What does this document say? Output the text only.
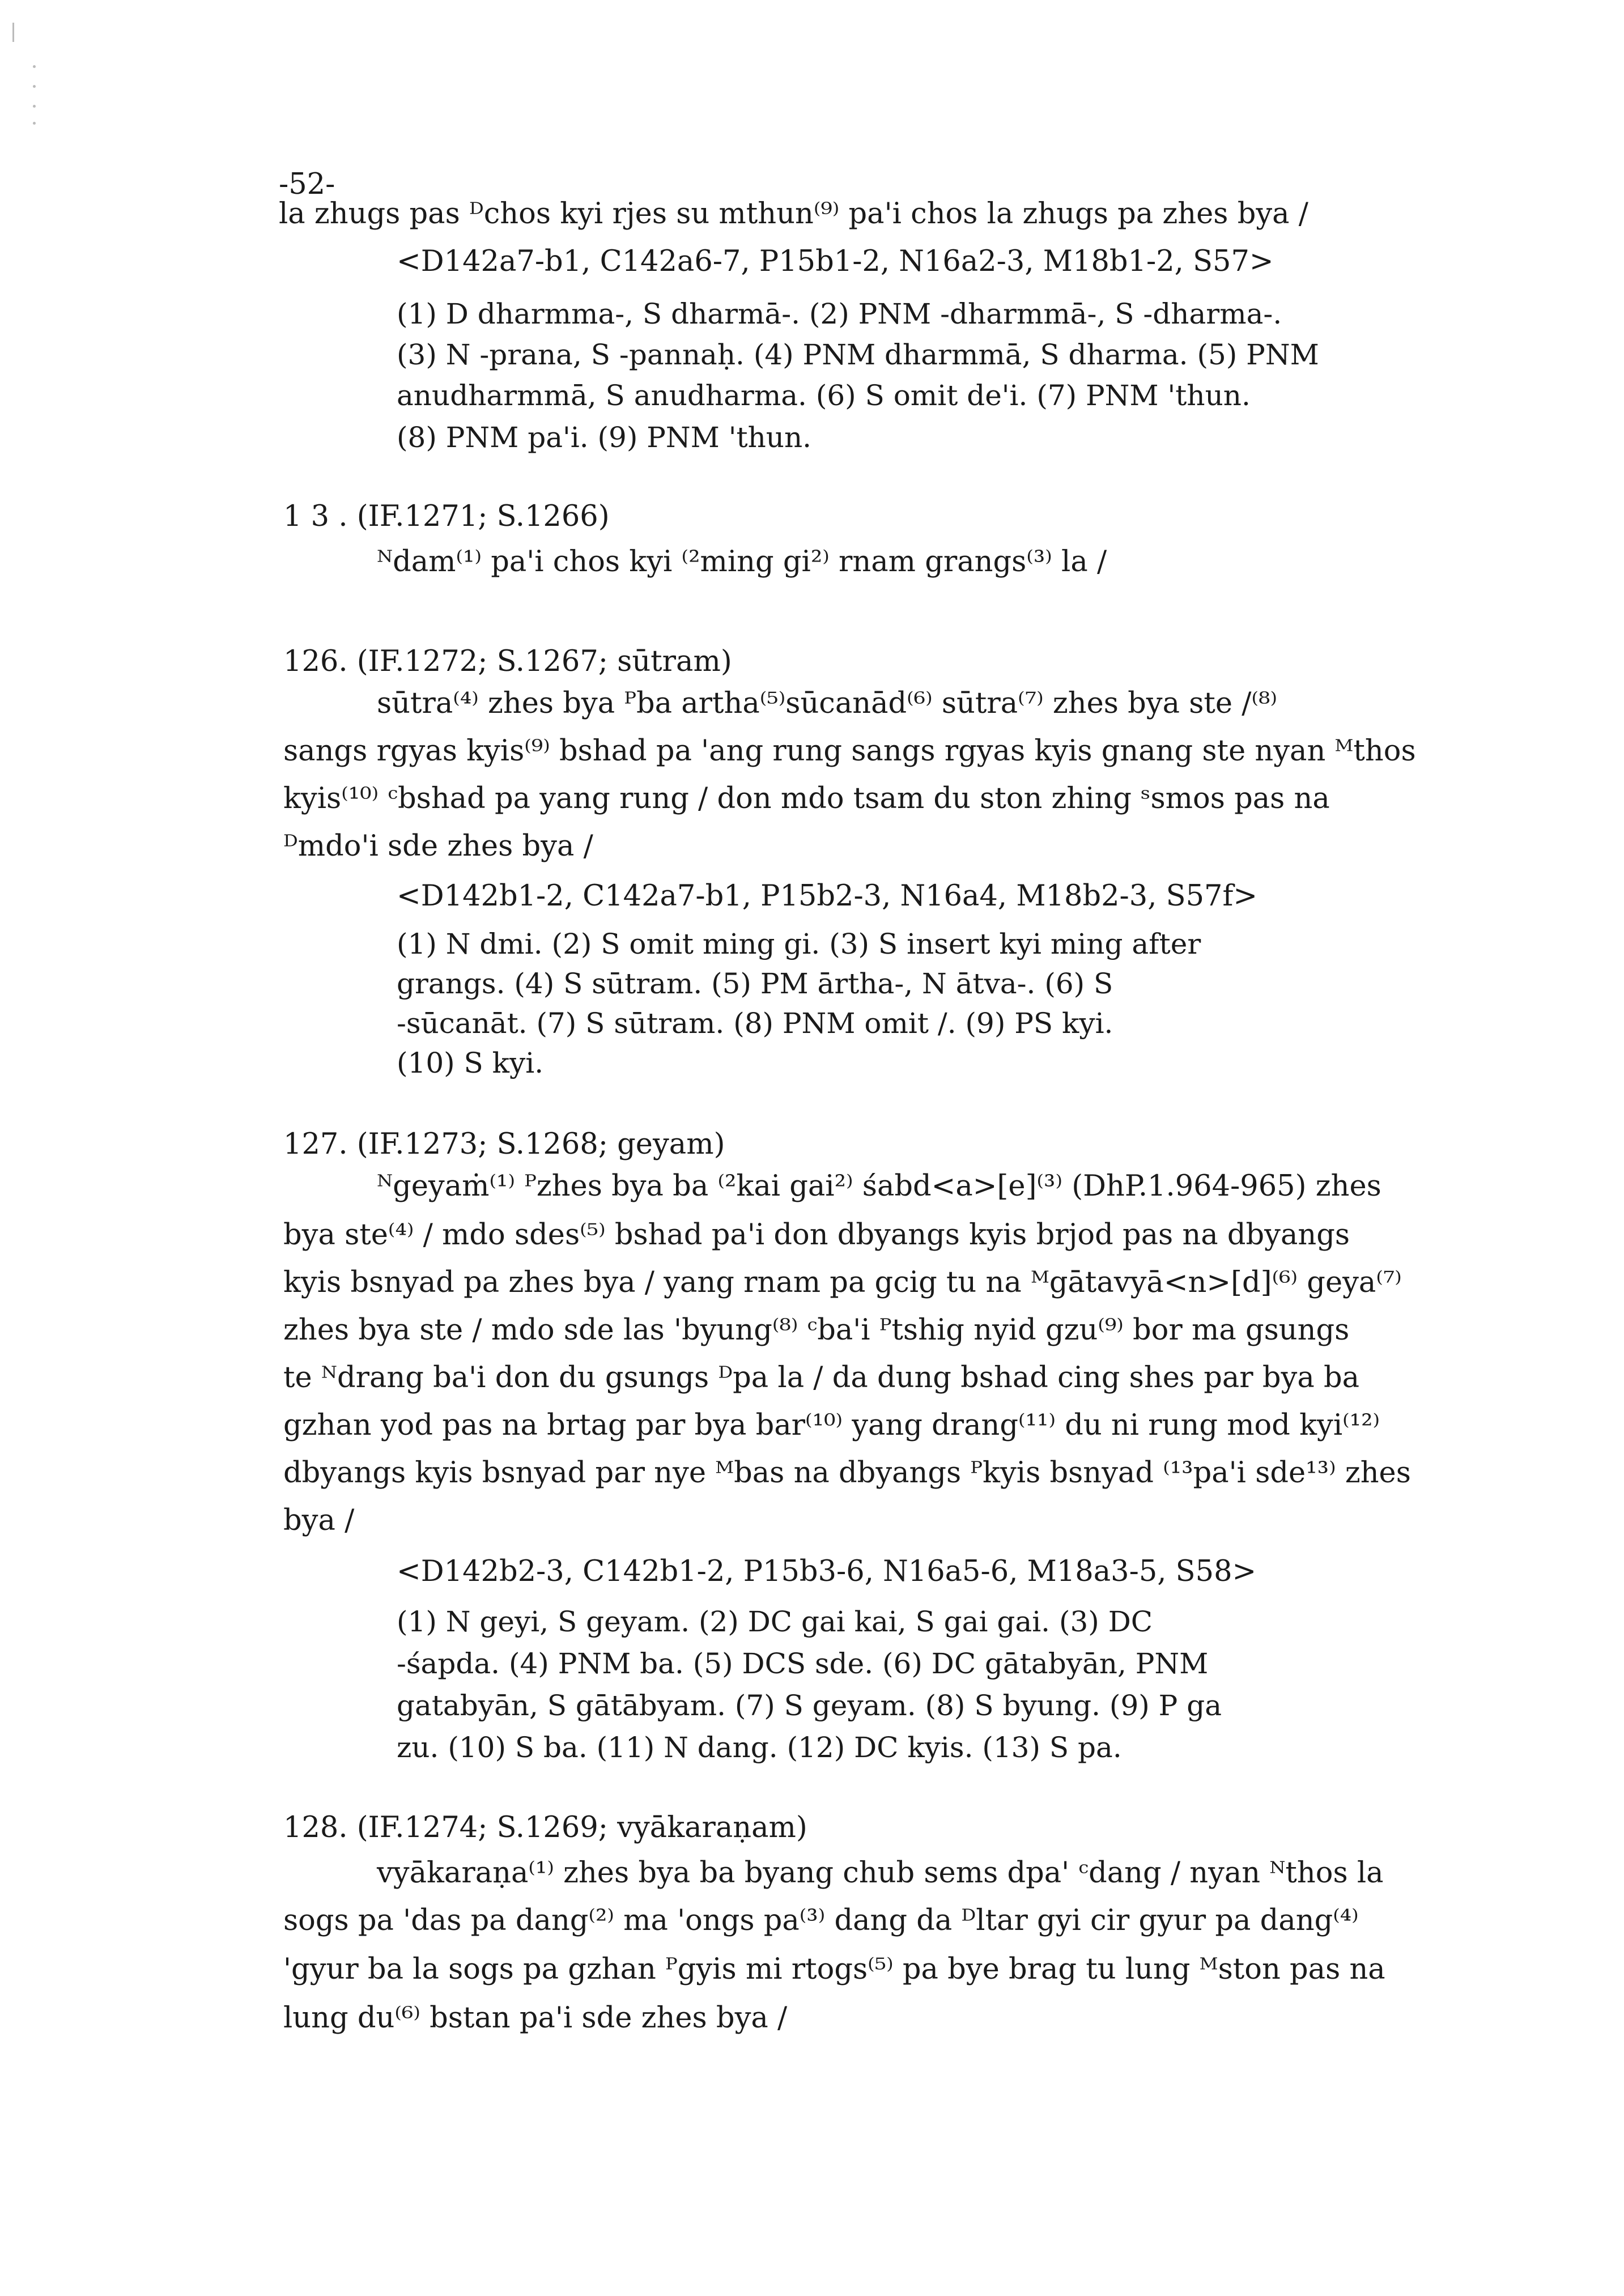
-52-
la zhugs pas ᴰchos kyi rjes su mthun⁽⁹⁾ pa'i chos la zhugs pa zhes bya /
<D142a7-b1, C142a6-7, P15b1-2, N16a2-3, M18b1-2, S57>
(1) D dharmma-, S dharmā-. (2) PNM -dharmmā-, S -dharma-.
(3) N -prana, S -pannaḥ. (4) PNM dharmmā, S dharma. (5) PNM
anudharmmā, S anudharma. (6) S omit de'i. (7) PNM 'thun.
(8) PNM pa'i. (9) PNM 'thun.
1 3 . (IF.1271; S.1266)
ᴺdam⁽¹⁾ pa'i chos kyi ⁽²ming gi²⁾ rnam grangs⁽³⁾ la /
126. (IF.1272; S.1267; sūtram)
sūtra⁽⁴⁾ zhes bya ᴾba artha⁽⁵⁾sūcanād⁽⁶⁾ sūtra⁽⁷⁾ zhes bya ste /⁽⁸⁾
sangs rgyas kyis⁽⁹⁾ bshad pa 'ang rung sangs rgyas kyis gnang ste nyan ᴹthos
kyis⁽¹⁰⁾ ᶜbshad pa yang rung / don mdo tsam du ston zhing ˢsmos pas na
ᴰmdo'i sde zhes bya /
<D142b1-2, C142a7-b1, P15b2-3, N16a4, M18b2-3, S57f>
(1) N dmi. (2) S omit ming gi. (3) S insert kyi ming after
grangs. (4) S sūtram. (5) PM ārtha-, N ātva-. (6) S
-sūcanāt. (7) S sūtram. (8) PNM omit /. (9) PS kyi.
(10) S kyi.
127. (IF.1273; S.1268; geyam)
ᴺgeyaṁ⁽¹⁾ ᴾzhes bya ba ⁽²kai gai²⁾ śabd<a>[e]⁽³⁾ (DhP.1.964-965) zhes
bya ste⁽⁴⁾ / mdo sdes⁽⁵⁾ bshad pa'i don dbyangs kyis brjod pas na dbyangs
kyis bsnyad pa zhes bya / yang rnam pa gcig tu na ᴹgātavyā<n>[d]⁽⁶⁾ geya⁽⁷⁾
zhes bya ste / mdo sde las 'byung⁽⁸⁾ ᶜba'i ᴾtshig nyid gzu⁽⁹⁾ bor ma gsungs
te ᴺdrang ba'i don du gsungs ᴰpa la / da dung bshad cing shes par bya ba
gzhan yod pas na brtag par bya bar⁽¹⁰⁾ yang drang⁽¹¹⁾ du ni rung mod kyi⁽¹²⁾
dbyangs kyis bsnyad par nye ᴹbas na dbyangs ᴾkyis bsnyad ⁽¹³pa'i sde¹³⁾ zhes
bya /
<D142b2-3, C142b1-2, P15b3-6, N16a5-6, M18a3-5, S58>
(1) N geyi, S geyam. (2) DC gai kai, S gai gai. (3) DC
-śapda. (4) PNM ba. (5) DCS sde. (6) DC gātabyān, PNM
gatabyān, S gātābyam. (7) S geyam. (8) S byung. (9) P ga
zu. (10) S ba. (11) N dang. (12) DC kyis. (13) S pa.
128. (IF.1274; S.1269; vyākaraṇam)
vyākaraṇa⁽¹⁾ zhes bya ba byang chub sems dpa' ᶜdang / nyan ᴺthos la
sogs pa 'das pa dang⁽²⁾ ma 'ongs pa⁽³⁾ dang da ᴰltar gyi cir gyur pa dang⁽⁴⁾
'gyur ba la sogs pa gzhan ᴾgyis mi rtogs⁽⁵⁾ pa bye brag tu lung ᴹston pas na
lung du⁽⁶⁾ bstan pa'i sde zhes bya /
